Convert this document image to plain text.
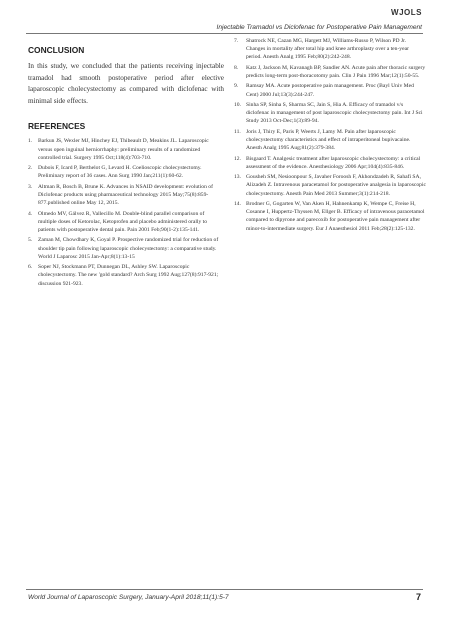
WJOLS
Injectable Tramadol vs Diclofenac for Postoperative Pain Management
CONCLUSION

In this study, we concluded that the patients receiving injectable tramadol had smooth postoperative period after elective laparoscopic cholecystectomy as compared with diclofenac with minimal side effects.

REFERENCES
1.	Barkun JS, Wexler MJ, Hinchey EJ, Thibeault D, Meakins JL. Laparoscopic versus open inguinal herniorrhaphy: preliminary results of a randomized controlled trial. Surgery 1995 Oct;118(4):703-710.
2.	Dubois F, Icard P, Berthelot G, Levard H. Coelioscopic cholecystectomy. Preliminary report of 36 cases. Ann Surg 1990 Jan;211(1):60-62.
3.	Altman R, Bosch B, Brune K. Advances in NSAID development: evolution of Diclofenac products using pharmaceutical technology 2015 May;75(8):859-877.published online May 12, 2015.
4.	Olmedo MV, Gálvez R, Vallecillo M. Double-blind parallel comparison of multiple doses of Ketorolac, Ketoprofen and placebo administered orally to patients with postoperative dental pain. Pain 2001 Feb;90(1-2):135-141.
5.	Zaman M, Chowdhary K, Goyal P. Prospective randomized trial for reduction of shoulder tip pain following laparoscopic cholecystectomy: a comparative study. World J Laparosc 2015 Jan-Apr;8(1):13-15
6.	Soper NJ, Stockmann PT, Dunnegan DL, Ashley SW. Laparoscopic cholecystectomy. The new 'gold standard? Arch Surg 1992 Aug;127(8):917-921; discussion 921-923.
7.	Shatrock NE, Cazan MG, Hargett MJ, Williams-Russo P, Wilson PD Jr. Changes in mortality after total hip and knee arthroplasty over a ten-year period. Anesth Analg 1995 Feb;80(2):242-248.
8.	Katz J, Jackson M, Kavanagh BP, Sandler AN. Acute pain after thoracic surgery predicts long-term post-thoracotomy pain. Clin J Pain 1996 Mar;12(1):50-55.
9.	Ramsay MA. Acute postoperative pain management. Proc (Bayl Univ Med Cent) 2000 Jul;13(3):244-247.
10. Sinha SP, Sinha S, Sharma SC, Jain S, Hia A. Efficacy of tramadol v/s diclofenac in management of post laparoscopic cholecystectomy pain. Int J Sci Study 2013 Oct-Dec;1(3):89-94.
11. Joris J, Thiry E, Paris P, Weerts J, Lamy M. Pain after laparoscopic cholecystectomy characteristics and effect of intraperitoneal bupivacaine. Anesth Analg 1995 Aug;81(2):379-384.
12. Bisgaard T. Analgesic treatment after laparoscopic cholecystectomy: a critical assessment of the evidence. Anesthesiology 2006 Apr;104(4):835-846.
13. Gousheh SM, Nesioonpour S, Javaher Foroosh F, Akhondzadeh R, Sahafi SA, Alizadeh Z. Intravenous paracetamol for postoperative analgesia in laparoscopic cholecystectomy. Anesth Pain Med 2013 Summer;3(1):214-218.
14. Brodner G, Gogarten W, Van Aken H, Hahnenkamp K, Wempe C, Freise H, Cosanne I, Huppertz-Thyssen M, Ellger B. Efficacy of intravenous paracetamol compared to dipyrone and parecoxib for postoperative pain management after minor-to-intermediate surgery. Eur J Anaesthesiol 2011 Feb;28(2):125-132.
World Journal of Laparoscopic Surgery, January-April 2018;11(1):5-7	7
